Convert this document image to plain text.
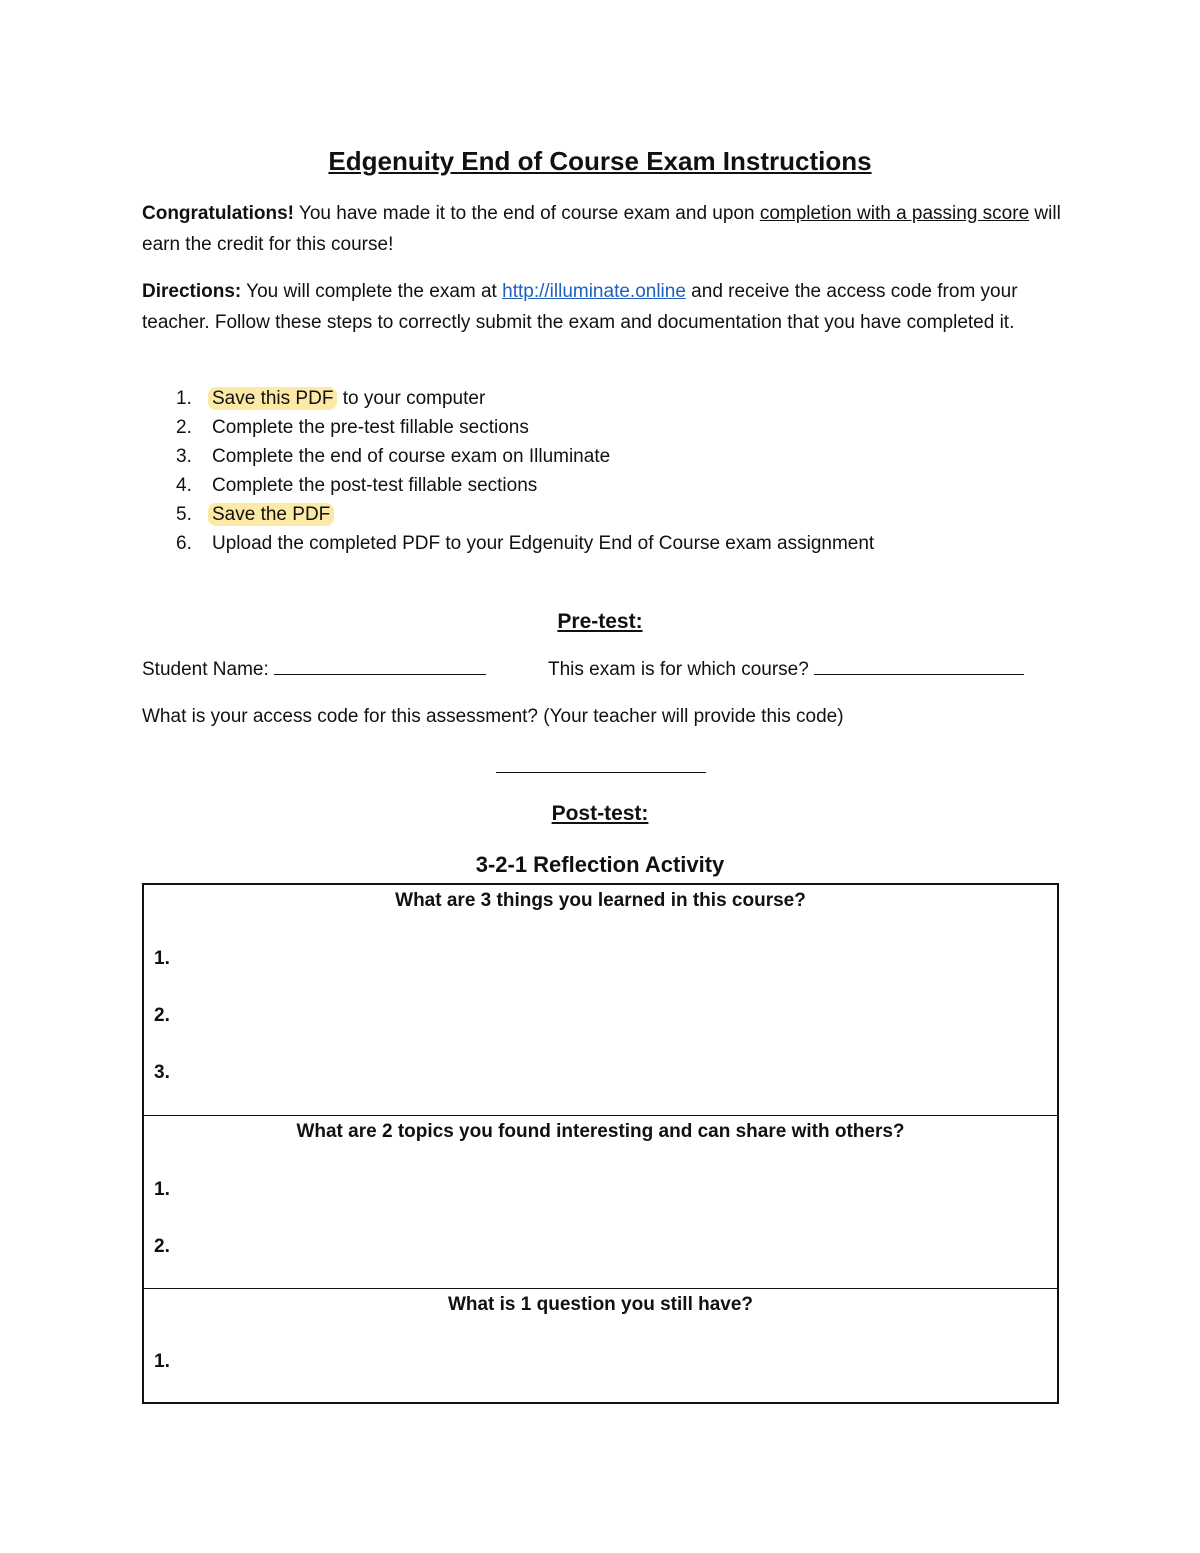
Edgenuity End of Course Exam Instructions
Congratulations! You have made it to the end of course exam and upon completion with a passing score will earn the credit for this course!
Directions: You will complete the exam at http://illuminate.online and receive the access code from your teacher. Follow these steps to correctly submit the exam and documentation that you have completed it.
1. Save this PDF to your computer
2. Complete the pre-test fillable sections
3. Complete the end of course exam on Illuminate
4. Complete the post-test fillable sections
5. Save the PDF
6. Upload the completed PDF to your Edgenuity End of Course exam assignment
Pre-test:
Student Name:	This exam is for which course?
What is your access code for this assessment? (Your teacher will provide this code)
Post-test:
3-2-1 Reflection Activity
What are 3 things you learned in this course?
1.
2.
3.
What are 2 topics you found interesting and can share with others?
1.
2.
What is 1 question you still have?
1.
